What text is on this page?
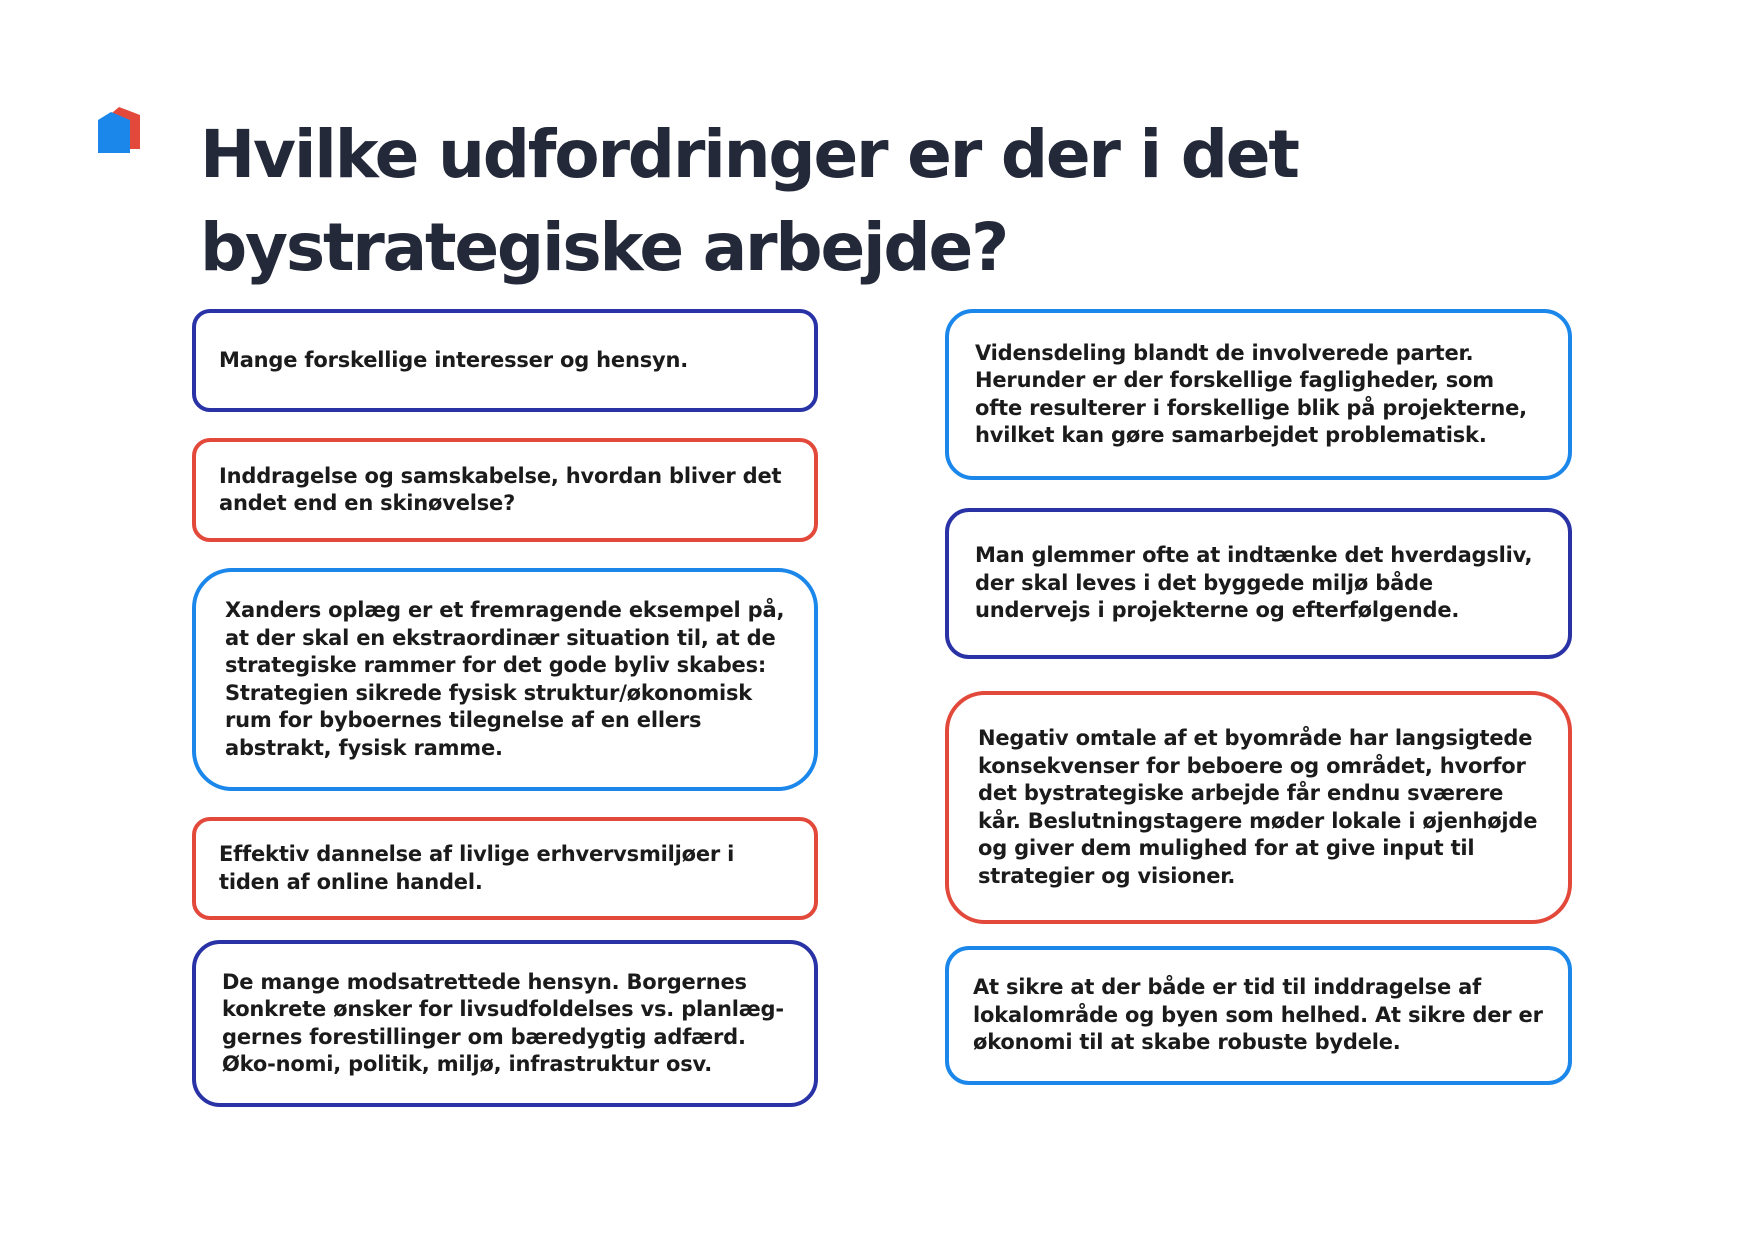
Hvilke udfordringer er der i det bystrategiske arbejde?
Mange forskellige interesser og hensyn.
Inddragelse og samskabelse, hvordan bliver det andet end en skinøvelse?
Xanders oplæg er et fremragende eksempel på, at der skal en ekstraordinær situation til, at de strategiske rammer for det gode byliv skabes: Strategien sikrede fysisk struktur/økonomisk rum for byboernes tilegnelse af en ellers abstrakt, fysisk ramme.
Effektiv dannelse af livlige erhvervsmiljøer i tiden af online handel.
De mange modsatrettede hensyn. Borgernes konkrete ønsker for livsudfoldelses vs. planlæg-gernes forestillinger om bæredygtig adfærd. Øko-nomi, politik, miljø, infrastruktur osv.
Vidensdeling blandt de involverede parter. Herunder er der forskellige fagligheder, som ofte resulterer i forskellige blik på projekterne, hvilket kan gøre samarbejdet problematisk.
Man glemmer ofte at indtænke det hverdagsliv, der skal leves i det byggede miljø både undervejs i projekterne og efterfølgende.
Negativ omtale af et byområde har langsigtede konsekvenser for beboere og området, hvorfor det bystrategiske arbejde får endnu sværere kår. Beslutningstagere møder lokale i øjenhøjde og giver dem mulighed for at give input til strategier og visioner.
At sikre at der både er tid til inddragelse af lokalområde og byen som helhed. At sikre der er økonomi til at skabe robuste bydele.
